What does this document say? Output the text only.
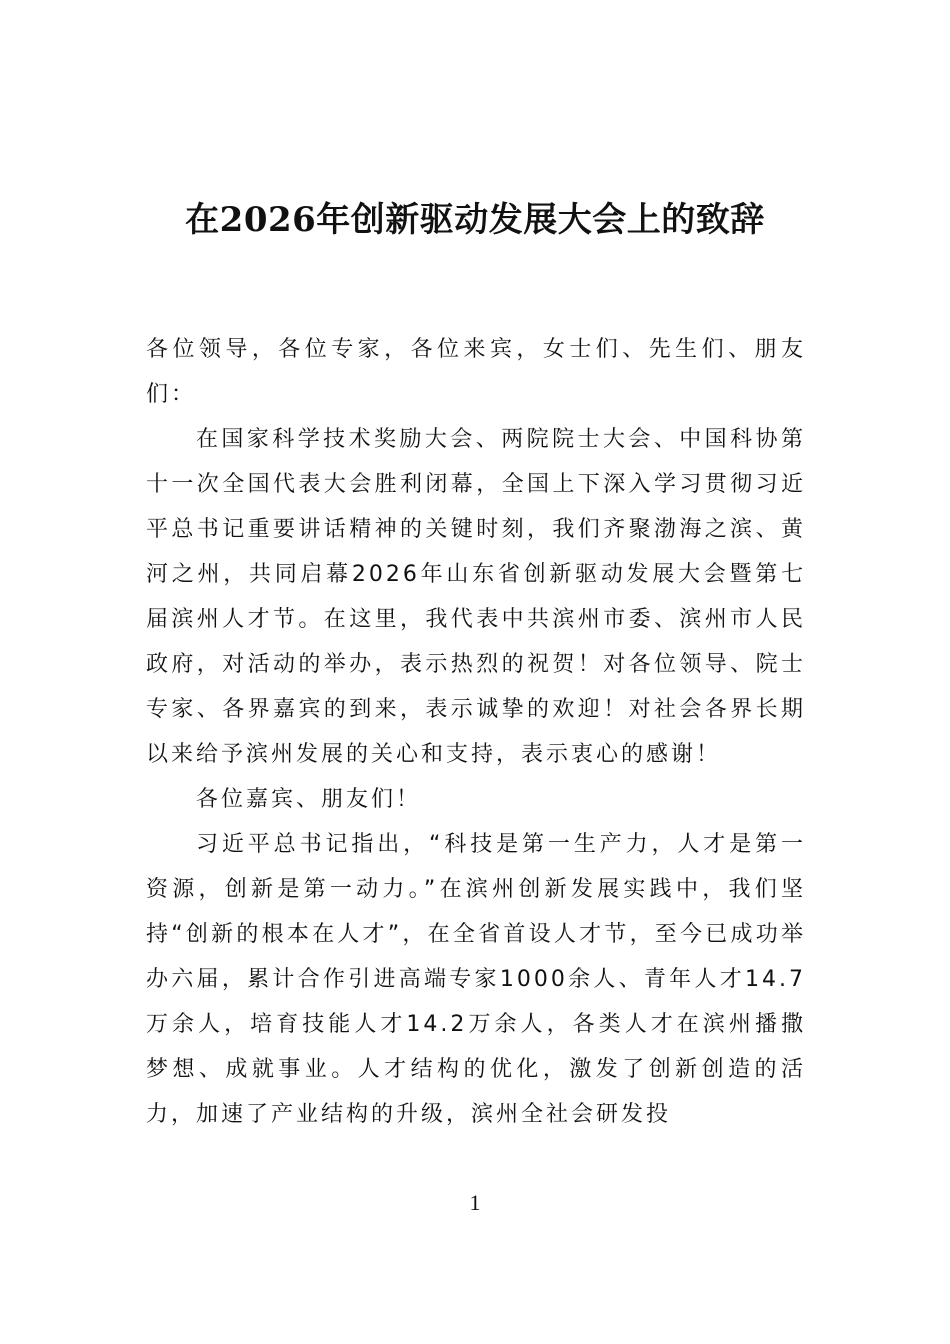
在2026年创新驱动发展大会上的致辞

各位领导，各位专家，各位来宾，女士们、先生们、朋友们：

在国家科学技术奖励大会、两院院士大会、中国科协第十一次全国代表大会胜利闭幕，全国上下深入学习贯彻习近平总书记重要讲话精神的关键时刻，我们齐聚渤海之滨、黄河之州，共同启幕2026年山东省创新驱动发展大会暨第七届滨州人才节。在这里，我代表中共滨州市委、滨州市人民政府，对活动的举办，表示热烈的祝贺！对各位领导、院士专家、各界嘉宾的到来，表示诚挚的欢迎！对社会各界长期以来给予滨州发展的关心和支持，表示衷心的感谢！

各位嘉宾、朋友们！

习近平总书记指出，“科技是第一生产力，人才是第一资源，创新是第一动力。”在滨州创新发展实践中，我们坚持“创新的根本在人才”，在全省首设人才节，至今已成功举办六届，累计合作引进高端专家1000余人、青年人才14.7万余人，培育技能人才14.2万余人，各类人才在滨州播撒梦想、成就事业。人才结构的优化，激发了创新创造的活力，加速了产业结构的升级，滨州全社会研发投

1
